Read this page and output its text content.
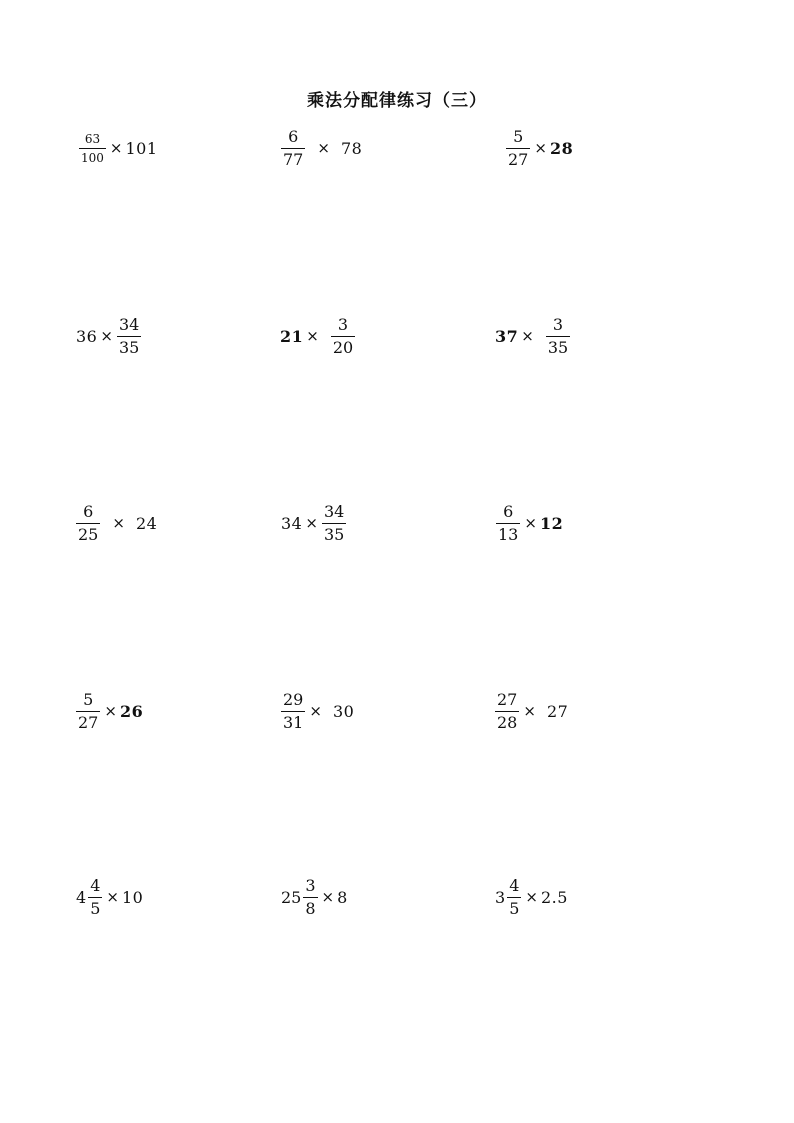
乘法分配律练习（三）
$\frac{63}{100} \times 101$	$\frac{6}{77} \times 78$	$\frac{5}{27} \times 28$
$36 \times \frac{34}{35}$	$21 \times \frac{3}{20}$	$37 \times \frac{3}{35}$
$\frac{6}{25} \times 24$	$34 \times \frac{34}{35}$	$\frac{6}{13} \times 12$
$\frac{5}{27} \times 26$	$\frac{29}{31} \times 30$	$\frac{27}{28} \times 27$
$4 \frac{4}{5} \times 10$	$25 \frac{3}{8} \times 8$	$3 \frac{4}{5} \times 2.5$
